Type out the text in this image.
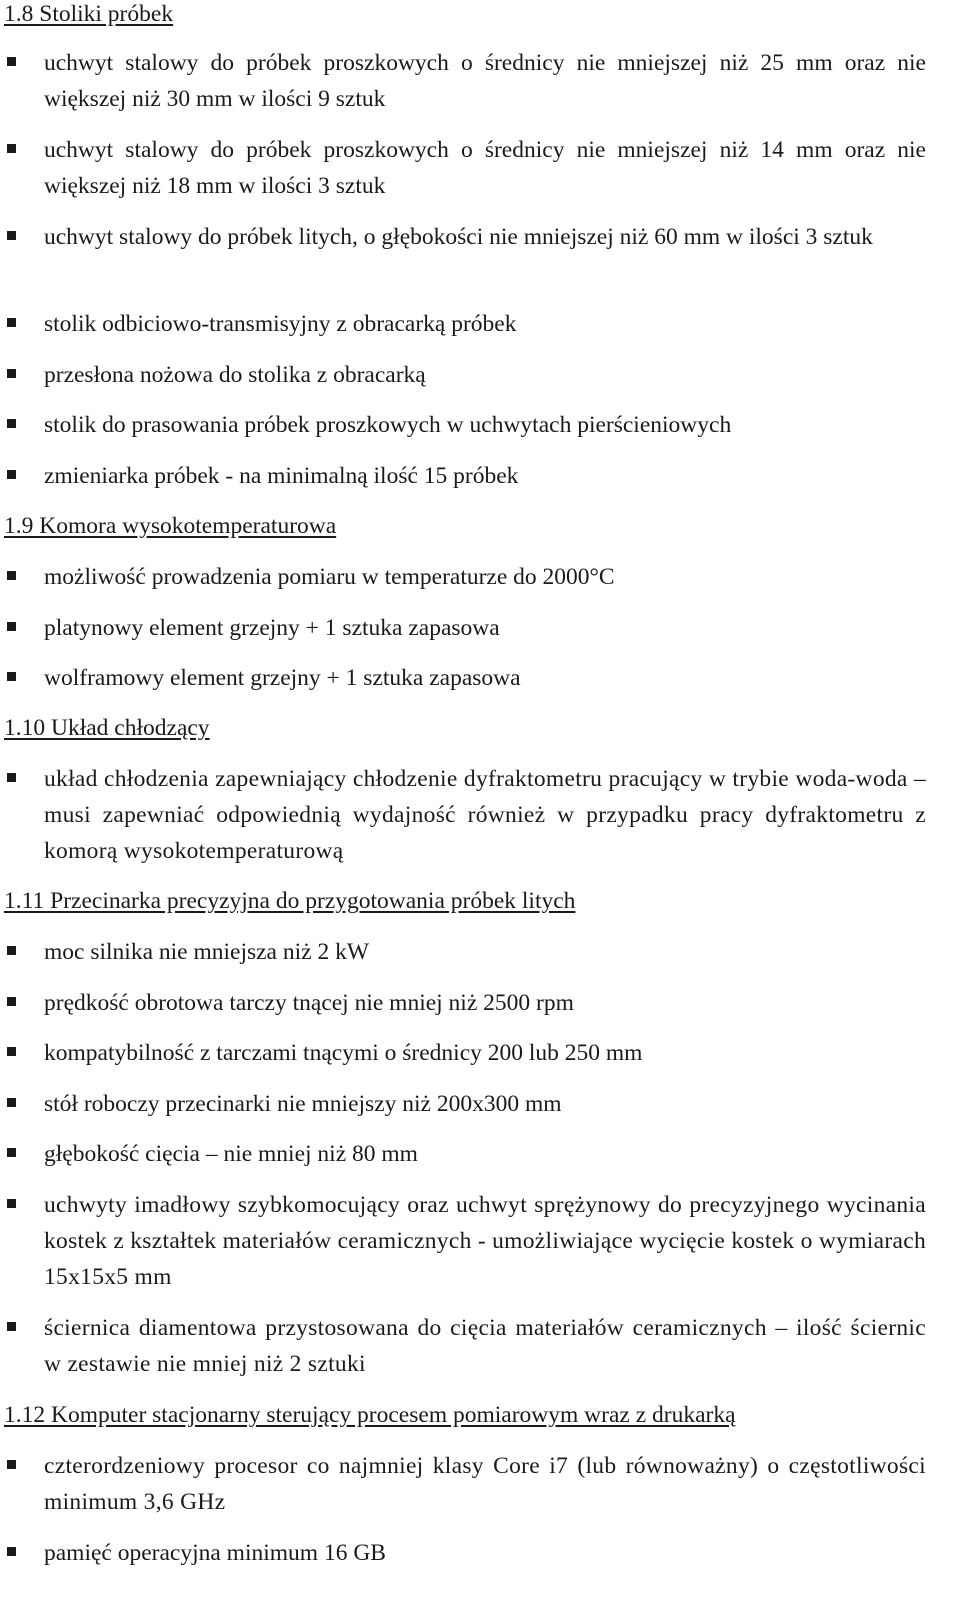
1.8 Stoliki próbek
uchwyt stalowy do próbek proszkowych o średnicy nie mniejszej niż 25 mm oraz nie większej niż 30 mm w ilości 9 sztuk
uchwyt stalowy do próbek proszkowych o średnicy nie mniejszej niż 14 mm oraz nie większej niż 18 mm w ilości 3 sztuk
uchwyt stalowy do próbek litych, o głębokości nie mniejszej niż 60 mm w ilości 3 sztuk
stolik odbiciowo-transmisyjny z obracarką próbek
przesłona nożowa do stolika z obracarką
stolik do prasowania próbek proszkowych w uchwytach pierścieniowych
zmieniarka próbek - na minimalną ilość 15 próbek
1.9 Komora wysokotemperaturowa
możliwość prowadzenia pomiaru w temperaturze do 2000°C
platynowy element grzejny + 1 sztuka zapasowa
wolframowy element grzejny + 1 sztuka zapasowa
1.10 Układ chłodzący
układ chłodzenia zapewniający chłodzenie dyfraktometru pracujący w trybie woda-woda – musi zapewniać odpowiednią wydajność również w przypadku pracy dyfraktometru z komorą wysokotemperaturową
1.11 Przecinarka precyzyjna do przygotowania próbek litych
moc silnika nie mniejsza niż 2 kW
prędkość obrotowa tarczy tnącej nie mniej niż 2500 rpm
kompatybilność z tarczami tnącymi o średnicy 200 lub 250 mm
stół roboczy przecinarki nie mniejszy niż 200x300 mm
głębokość cięcia – nie mniej niż 80 mm
uchwyty imadłowy szybkomocujący oraz uchwyt sprężynowy do precyzyjnego wycinania kostek z kształtek materiałów ceramicznych - umożliwiające wycięcie kostek o wymiarach 15x15x5 mm
ściernica diamentowa przystosowana do cięcia materiałów ceramicznych – ilość ściernic w zestawie nie mniej niż 2 sztuki
1.12 Komputer stacjonarny sterujący procesem pomiarowym wraz z drukarką
czterordzeniowy procesor co najmniej klasy Core i7 (lub równoważny) o częstotliwości minimum 3,6 GHz
pamięć operacyjna minimum 16 GB
